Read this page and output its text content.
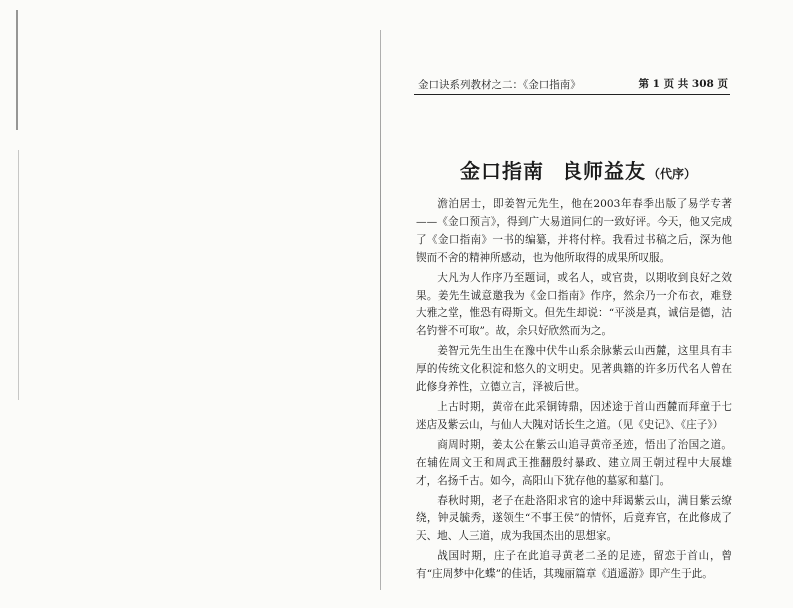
金口诀系列教材之二：《金口指南》	第 1 页 共 308 页
金口指南 良师益友 （代序）

澹泊居士，即姜智元先生，他在2003年春季出版了易学专著——《金口预言》，得到广大易道同仁的一致好评。今天，他又完成了《金口指南》一书的编纂，并将付梓。我看过书稿之后，深为他锲而不舍的精神所感动，也为他所取得的成果所叹服。

大凡为人作序乃至题词，或名人，或官贵，以期收到良好之效果。姜先生诚意邀我为《金口指南》作序，然余乃一介布衣，难登大雅之堂，惟恐有碍斯文。但先生却说：“平淡是真，诚信是德，沽名钓誉不可取”。故，余只好欣然而为之。

姜智元先生出生在豫中伏牛山系余脉紫云山西麓，这里具有丰厚的传统文化积淀和悠久的文明史。见著典籍的许多历代名人曾在此修身养性，立德立言，泽被后世。

上古时期，黄帝在此采铜铸鼎，因述途于首山西麓而拜童于七迷店及紫云山，与仙人大隗对话长生之道。（见《史记》、《庄子》）

商周时期，姜太公在紫云山追寻黄帝圣迹，悟出了治国之道。在辅佐周文王和周武王推翻殷纣暴政、建立周王朝过程中大展雄才，名扬千古。如今，高阳山下犹存他的墓冢和墓门。

春秋时期，老子在赴洛阳求官的途中拜谒紫云山，满目紫云缭绕，钟灵毓秀，遂领生“不事王侯”的情怀，后竟弃官，在此修成了天、地、人三道，成为我国杰出的思想家。

战国时期，庄子在此追寻黄老二圣的足迹，留恋于首山，曾有“庄周梦中化蝶”的佳话，其瑰丽篇章《逍遥游》即产生于此。
